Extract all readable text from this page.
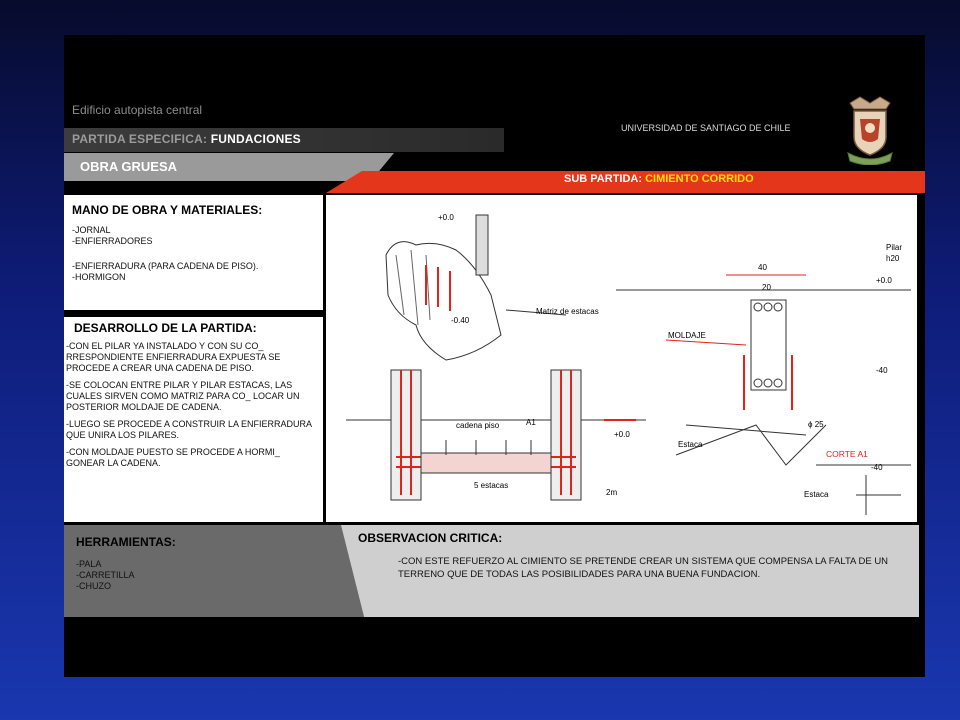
Edificio autopista central
PARTIDA ESPECIFICA: FUNDACIONES
OBRA GRUESA
UNIVERSIDAD DE SANTIAGO DE CHILE
SUB PARTIDA: CIMIENTO CORRIDO
MANO DE OBRA Y MATERIALES:
-JORNAL
-ENFIERRADORES
-ENFIERRADURA (PARA CADENA DE PISO).
-HORMIGON
DESARROLLO DE LA PARTIDA:

-CON EL PILAR YA INSTALADO Y CON SU CO_ RRESPONDIENTE ENFIERRADURA EXPUESTA SE PROCEDE A CREAR UNA CADENA DE PISO.

-SE COLOCAN ENTRE PILAR Y PILAR ESTACAS, LAS CUALES SIRVEN COMO MATRIZ PARA CO_ LOCAR UN POSTERIOR MOLDAJE DE CADENA.

-LUEGO SE PROCEDE A CONSTRUIR LA ENFIERRADURA QUE UNIRA LOS PILARES.

-CON MOLDAJE PUESTO SE PROCEDE A HORMI_ GONEAR LA CADENA.

+0.0
-0.40
Matriz de estacas
cadena piso	A1
+0.0
5 estacas
2m
Pilar
h20
40
20
+0.0
MOLDAJE
-40
ϕ 25
Estaca
CORTE A1
-40
Estaca
HERRAMIENTAS:
-PALA
-CARRETILLA
-CHUZO
OBSERVACION CRITICA:
-CON ESTE REFUERZO AL CIMIENTO SE PRETENDE CREAR UN SISTEMA QUE COMPENSA LA FALTA DE UN TERRENO QUE DE TODAS LAS POSIBILIDADES PARA UNA BUENA FUNDACION.
